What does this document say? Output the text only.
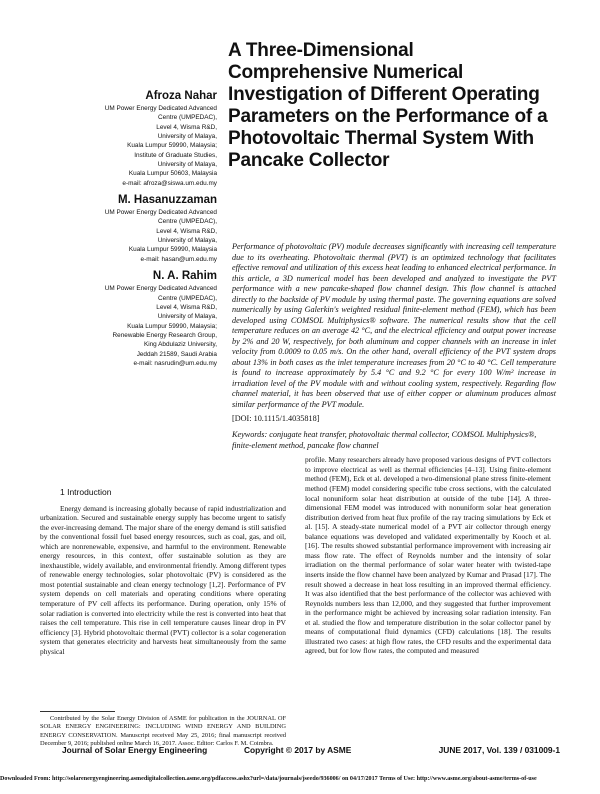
A Three-Dimensional Comprehensive Numerical Investigation of Different Operating Parameters on the Performance of a Photovoltaic Thermal System With Pancake Collector
Afroza Nahar
UM Power Energy Dedicated Advanced
Centre (UMPEDAC),
Level 4, Wisma R&D,
University of Malaya,
Kuala Lumpur 59990, Malaysia;
Institute of Graduate Studies,
University of Malaya,
Kuala Lumpur 50603, Malaysia
e-mail: afroza@siswa.um.edu.my
M. Hasanuzzaman
UM Power Energy Dedicated Advanced
Centre (UMPEDAC),
Level 4, Wisma R&D,
University of Malaya,
Kuala Lumpur 59990, Malaysia
e-mail: hasan@um.edu.my
N. A. Rahim
UM Power Energy Dedicated Advanced
Centre (UMPEDAC),
Level 4, Wisma R&D,
University of Malaya,
Kuala Lumpur 59990, Malaysia;
Renewable Energy Research Group,
King Abdulaziz University,
Jeddah 21589, Saudi Arabia
e-mail: nasrudin@um.edu.my
Performance of photovoltaic (PV) module decreases significantly with increasing cell temperature due to its overheating. Photovoltaic thermal (PVT) is an optimized technology that facilitates effective removal and utilization of this excess heat leading to enhanced electrical performance. In this article, a 3D numerical model has been developed and analyzed to investigate the PVT performance with a new pancake-shaped flow channel design. This flow channel is attached directly to the backside of PV module by using thermal paste. The governing equations are solved numerically by using Galerkin's weighted residual finite-element method (FEM), which has been developed using COMSOL Multiphysics® software. The numerical results show that the cell temperature reduces on an average 42 °C, and the electrical efficiency and output power increase by 2% and 20 W, respectively, for both aluminum and copper channels with an increase in inlet velocity from 0.0009 to 0.05 m/s. On the other hand, overall efficiency of the PVT system drops about 13% in both cases as the inlet temperature increases from 20 °C to 40 °C. Cell temperature is found to increase approximately by 5.4 °C and 9.2 °C for every 100 W/m² increase in irradiation level of the PV module with and without cooling system, respectively. Regarding flow channel material, it has been observed that use of either copper or aluminum produces almost similar performance of the PVT module.
[DOI: 10.1115/1.4035818]
Keywords: conjugate heat transfer, photovoltaic thermal collector, COMSOL Multiphysics®, finite-element method, pancake flow channel
1 Introduction

Energy demand is increasing globally because of rapid industrialization and urbanization. Secured and sustainable energy supply has become urgent to satisfy the ever-increasing demand. The major share of the energy demand is still satisfied by the conventional fossil fuel based energy resources, such as coal, gas, and oil, which are nonrenewable, expensive, and harmful to the environment. Renewable energy resources, in this context, offer sustainable solution as they are inexhaustible, widely available, and environmental friendly. Among different types of renewable energy technologies, solar photovoltaic (PV) is considered as the most potential sustainable and clean energy technology [1,2]. Performance of PV system depends on cell materials and operating conditions where operating temperature of PV cell affects its performance. During operation, only 15% of solar radiation is converted into electricity while the rest is converted into heat that raises the cell temperature. This rise in cell temperature causes linear drop in PV efficiency [3]. Hybrid photovoltaic thermal (PVT) collector is a solar cogeneration system that generates electricity and harvests heat simultaneously from the same physical

profile. Many researchers already have proposed various designs of PVT collectors to improve electrical as well as thermal efficiencies [4–13]. Using finite-element method (FEM), Eck et al. developed a two-dimensional plane stress finite-element method (FEM) model considering specific tube cross sections, with the calculated local nonuniform solar heat distribution at outside of the tube [14]. A three-dimensional FEM model was introduced with nonuniform solar heat generation distribution derived from heat flux profile of the ray tracing simulations by Eck et al. [15]. A steady-state numerical model of a PVT air collector through energy balance equations was developed and validated experimentally by Kooch et al. [16]. The results showed substantial performance improvement with increasing air mass flow rate. The effect of Reynolds number and the intensity of solar irradiation on the thermal performance of solar water heater with twisted-tape inserts inside the flow channel have been analyzed by Kumar and Prasad [17]. The result showed a decrease in heat loss resulting in an improved thermal efficiency. It was also identified that the best performance of the collector was achieved with Reynolds numbers less than 12,000, and they suggested that further improvement in the performance might be achieved by increasing solar radiation intensity. Fan et al. studied the flow and temperature distribution in the solar collector panel by means of computational fluid dynamics (CFD) calculations [18]. The results illustrated two cases: at high flow rates, the CFD results and the experimental data agreed, but for low flow rates, the computed and measured

Contributed by the Solar Energy Division of ASME for publication in the JOURNAL OF SOLAR ENERGY ENGINEERING: INCLUDING WIND ENERGY AND BUILDING ENERGY CONSERVATION. Manuscript received May 25, 2016; final manuscript received December 9, 2016; published online March 16, 2017. Assoc. Editor: Carlos F. M. Coimbra.
Journal of Solar Energy Engineering	Copyright © 2017 by ASME	JUNE 2017, Vol. 139 / 031009-1
Downloaded From: http://solarenergyengineering.asmedigitalcollection.asme.org/pdfaccess.ashx?url=/data/journals/jseedo/936006/ on 04/17/2017 Terms of Use: http://www.asme.org/about-asme/terms-of-use
